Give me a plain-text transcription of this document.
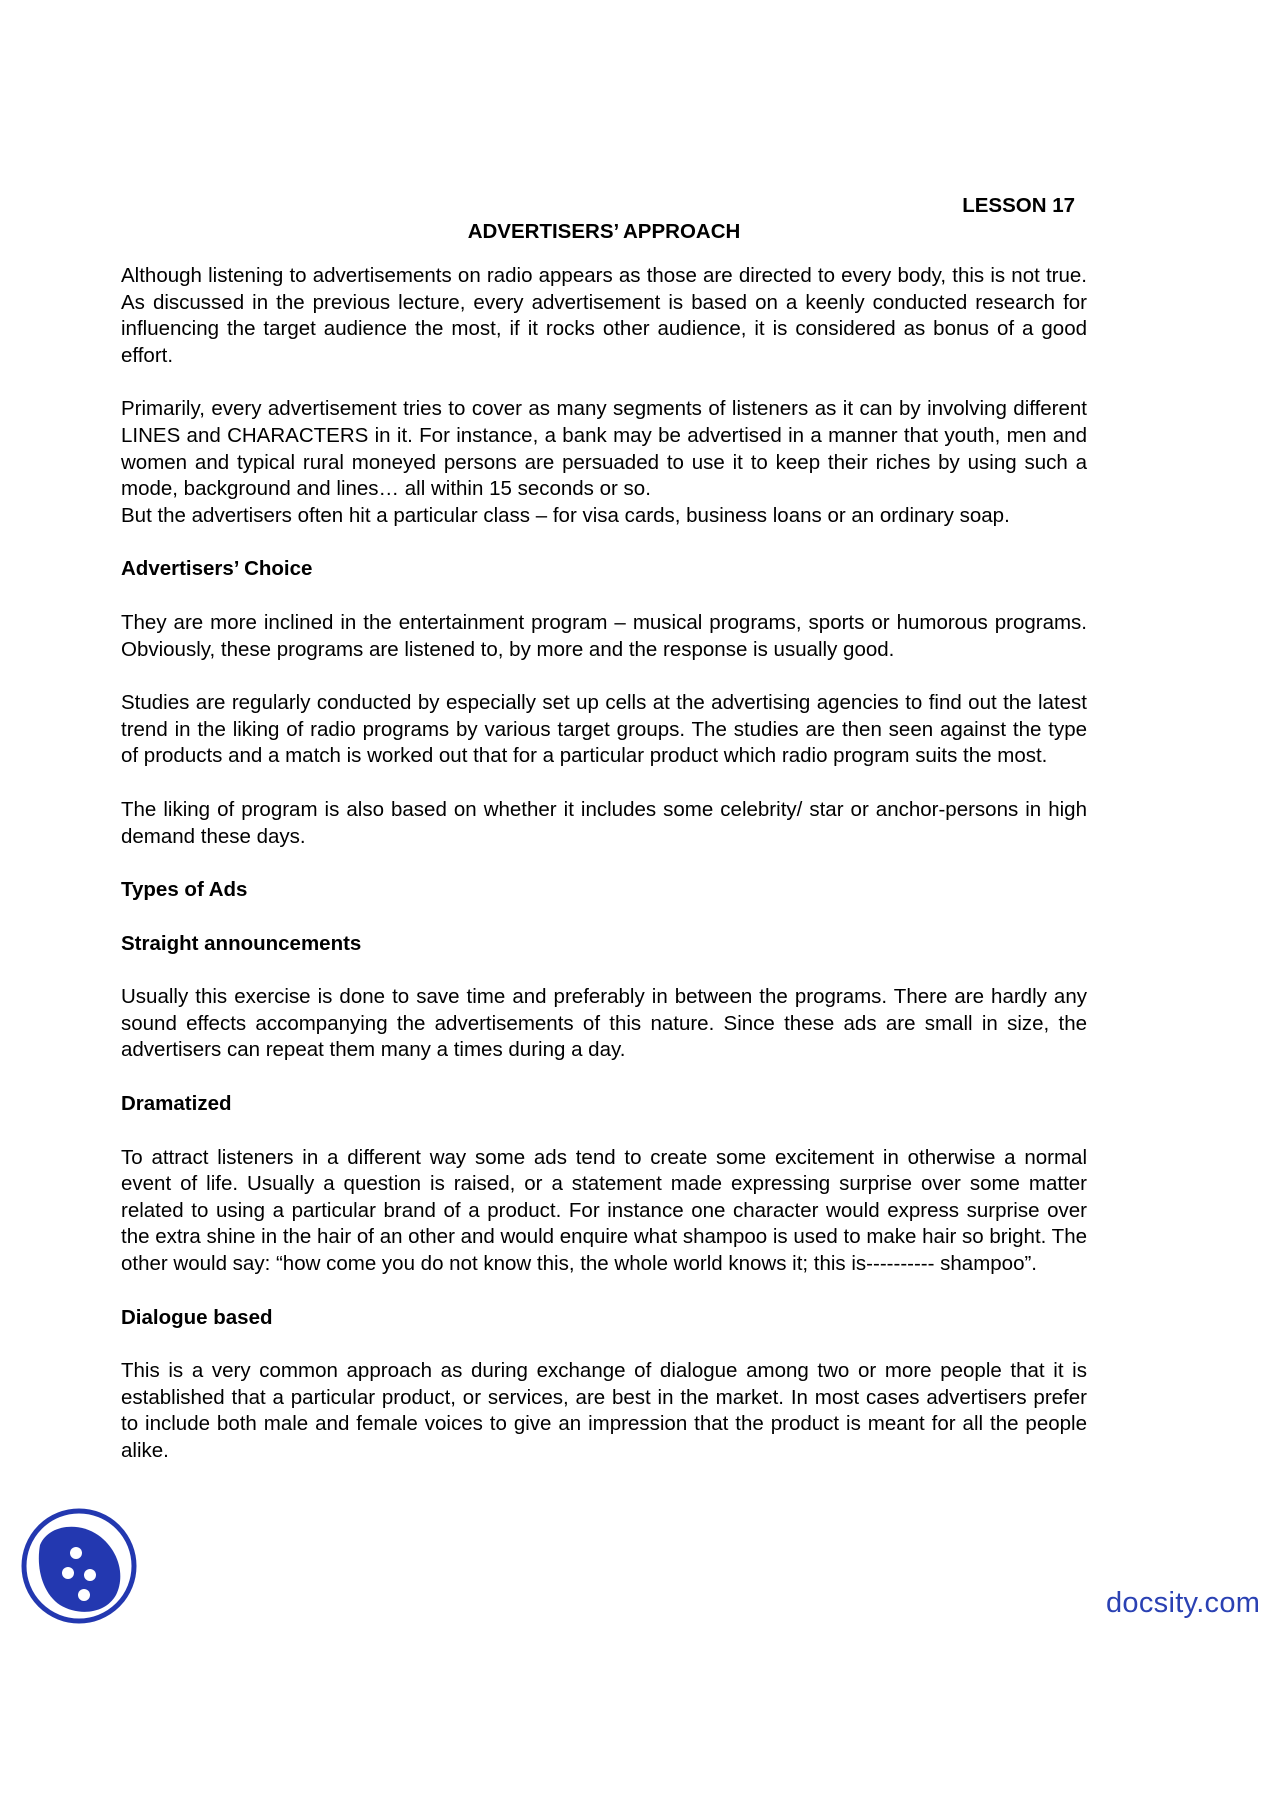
LESSON 17
ADVERTISERS’ APPROACH

Although listening to advertisements on radio appears as those are directed to every body, this is not true. As discussed in the previous lecture, every advertisement is based on a keenly conducted research for influencing the target audience the most, if it rocks other audience, it is considered as bonus of a good effort.

Primarily, every advertisement tries to cover as many segments of listeners as it can by involving different LINES and CHARACTERS in it. For instance, a bank may be advertised in a manner that youth, men and women and typical rural moneyed persons are persuaded to use it to keep their riches by using such a mode, background and lines… all within 15 seconds or so.

But the advertisers often hit a particular class – for visa cards, business loans or an ordinary soap.

Advertisers’ Choice

They are more inclined in the entertainment program – musical programs, sports or humorous programs. Obviously, these programs are listened to, by more and the response is usually good.

Studies are regularly conducted by especially set up cells at the advertising agencies to find out the latest trend in the liking of radio programs by various target groups. The studies are then seen against the type of products and a match is worked out that for a particular product which radio program suits the most.

The liking of program is also based on whether it includes some celebrity/ star or anchor-persons in high demand these days.

Types of Ads
Straight announcements

Usually this exercise is done to save time and preferably in between the programs. There are hardly any sound effects accompanying the advertisements of this nature. Since these ads are small in size, the advertisers can repeat them many a times during a day.

Dramatized

To attract listeners in a different way some ads tend to create some excitement in otherwise a normal event of life. Usually a question is raised, or a statement made expressing surprise over some matter related to using a particular brand of a product. For instance one character would express surprise over the extra shine in the hair of an other and would enquire what shampoo is used to make hair so bright. The other would say: “how come you do not know this, the whole world knows it; this is---------- shampoo”.

Dialogue based

This is a very common approach as during exchange of dialogue among two or more people that it is established that a particular product, or services, are best in the market. In most cases advertisers prefer to include both male and female voices to give an impression that the product is meant for all the people alike.

docsity.com
